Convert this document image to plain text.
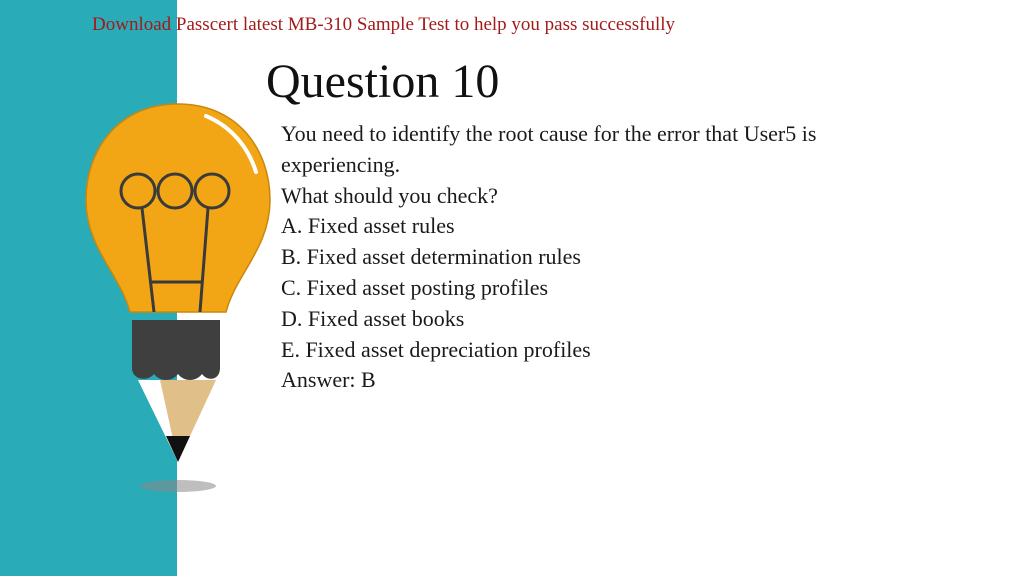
Download Passcert latest MB-310 Sample Test to help you pass successfully
Question 10
You need to identify the root cause for the error that User5 is
experiencing.
What should you check?
A. Fixed asset rules
B. Fixed asset determination rules
C. Fixed asset posting profiles
D. Fixed asset books
E. Fixed asset depreciation profiles
Answer: B
